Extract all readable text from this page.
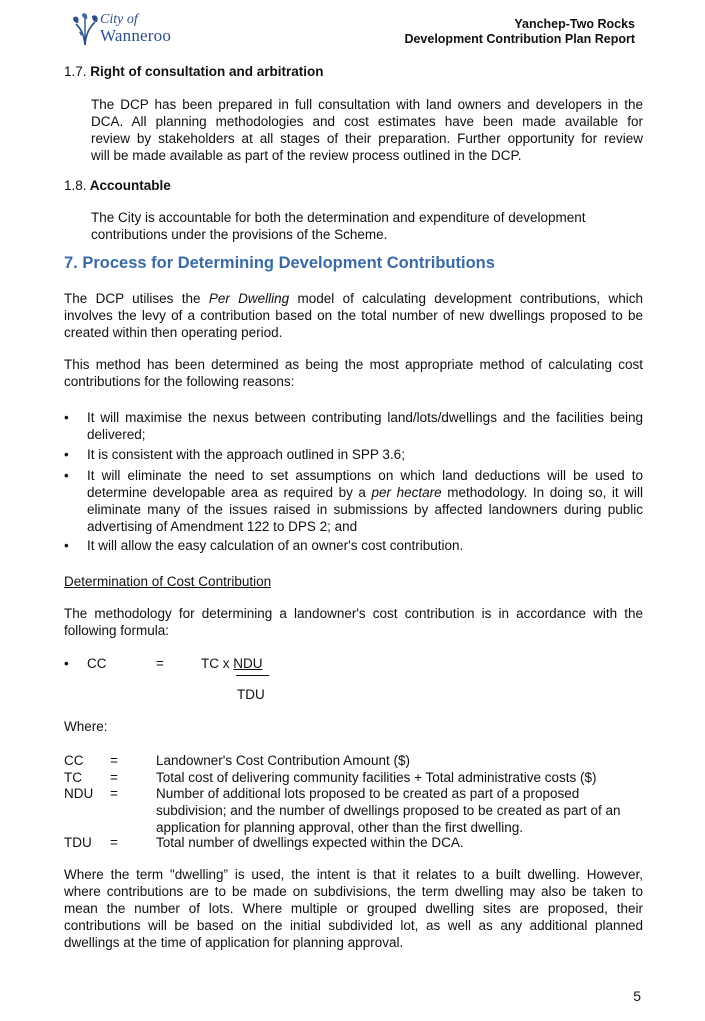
City of
Wanneroo
Yanchep-Two Rocks
Development Contribution Plan Report
1.7. Right of consultation and arbitration
The DCP has been prepared in full consultation with land owners and developers in the
DCA. All planning methodologies and cost estimates have been made available for
review by stakeholders at all stages of their preparation. Further opportunity for review
will be made available as part of the review process outlined in the DCP.
1.8. Accountable
The City is accountable for both the determination and expenditure of development
contributions under the provisions of the Scheme.
7. Process for Determining Development Contributions
The DCP utilises the Per Dwelling model of calculating development contributions, which
involves the levy of a contribution based on the total number of new dwellings proposed to be
created within then operating period.
This method has been determined as being the most appropriate method of calculating cost
contributions for the following reasons:
• It will maximise the nexus between contributing land/lots/dwellings and the facilities being
delivered;
• It is consistent with the approach outlined in SPP 3.6;
• It will eliminate the need to set assumptions on which land deductions will be used to
determine developable area as required by a per hectare methodology. In doing so, it will
eliminate many of the issues raised in submissions by affected landowners during public
advertising of Amendment 122 to DPS 2; and
• It will allow the easy calculation of an owner's cost contribution.
Determination of Cost Contribution
The methodology for determining a landowner's cost contribution is in accordance with the
following formula:
• CC	=	TC x NDU
TDU
Where:
CC =	Landowner's Cost Contribution Amount ($)
TC =	Total cost of delivering community facilities + Total administrative costs ($)
NDU =	Number of additional lots proposed to be created as part of a proposed
subdivision; and the number of dwellings proposed to be created as part of an
application for planning approval, other than the first dwelling.
TDU =	Total number of dwellings expected within the DCA.
Where the term "dwelling” is used, the intent is that it relates to a built dwelling. However,
where contributions are to be made on subdivisions, the term dwelling may also be taken to
mean the number of lots. Where multiple or grouped dwelling sites are proposed, their
contributions will be based on the initial subdivided lot, as well as any additional planned
dwellings at the time of application for planning approval.
5
